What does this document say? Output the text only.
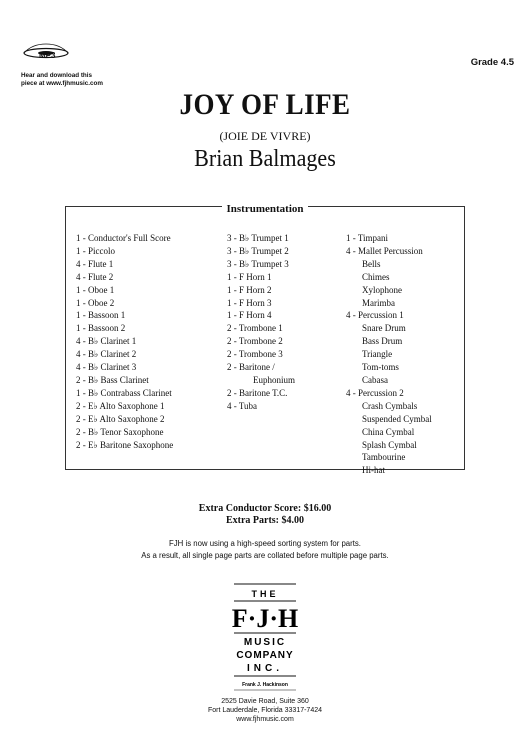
MP3
Hear and download this
piece at www.fjhmusic.com
Grade 4.5
JOY OF LIFE
(JOIE DE VIVRE)
Brian Balmages
Instrumentation
1 - Conductor's Full Score
1 - Piccolo
4 - Flute 1
4 - Flute 2
1 - Oboe 1
1 - Oboe 2
1 - Bassoon 1
1 - Bassoon 2
4 - B♭ Clarinet 1
4 - B♭ Clarinet 2
4 - B♭ Clarinet 3
2 - B♭ Bass Clarinet
1 - B♭ Contrabass Clarinet
2 - E♭ Alto Saxophone 1
2 - E♭ Alto Saxophone 2
2 - B♭ Tenor Saxophone
2 - E♭ Baritone Saxophone
3 - B♭ Trumpet 1
3 - B♭ Trumpet 2
3 - B♭ Trumpet 3
1 - F Horn 1
1 - F Horn 2
1 - F Horn 3
1 - F Horn 4
2 - Trombone 1
2 - Trombone 2
2 - Trombone 3
2 - Baritone /
Euphonium
2 - Baritone T.C.
4 - Tuba
1 - Timpani
4 - Mallet Percussion
Bells
Chimes
Xylophone
Marimba
4 - Percussion 1
Snare Drum
Bass Drum
Triangle
Tom-toms
Cabasa
4 - Percussion 2
Crash Cymbals
Suspended Cymbal
China Cymbal
Splash Cymbal
Tambourine
Hi-hat
Extra Conductor Score: $16.00
Extra Parts: $4.00
FJH is now using a high-speed sorting system for parts.
As a result, all single page parts are collated before multiple page parts.
THE
F·J·H
MUSIC
COMPANY
INC.
Frank J. Hackinson
2525 Davie Road, Suite 360
Fort Lauderdale, Florida 33317-7424
www.fjhmusic.com
